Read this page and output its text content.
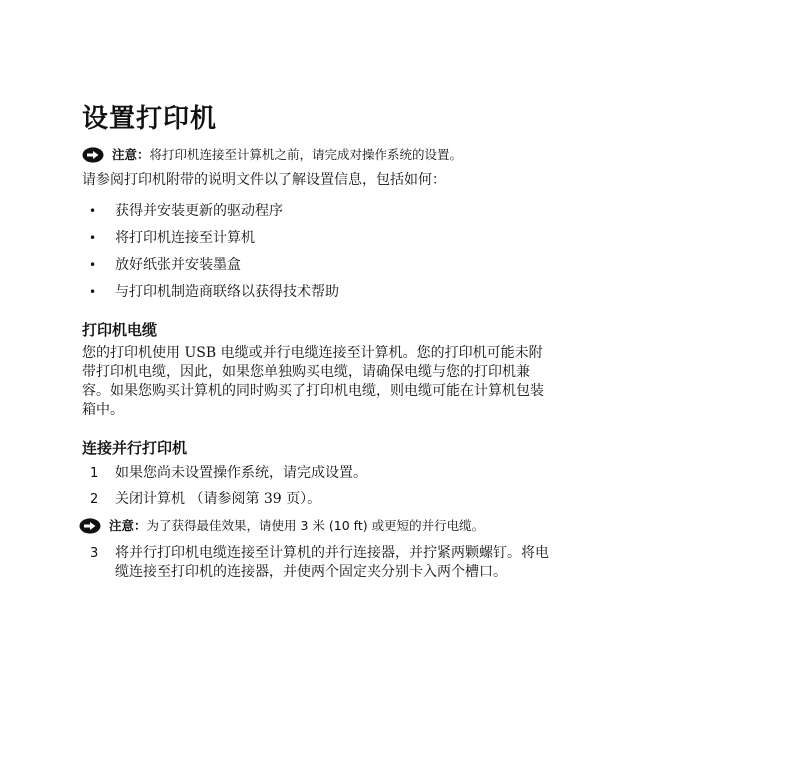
设置打印机
注意： 将打印机连接至计算机之前，请完成对操作系统的设置。

请参阅打印机附带的说明文件以了解设置信息，包括如何：

• 获得并安装更新的驱动程序
• 将打印机连接至计算机
• 放好纸张并安装墨盒
• 与打印机制造商联络以获得技术帮助
打印机电缆

您的打印机使用 USB 电缆或并行电缆连接至计算机。您的打印机可能未附带打印机电缆，因此，如果您单独购买电缆，请确保电缆与您的打印机兼容。如果您购买计算机的同时购买了打印机电缆，则电缆可能在计算机包装箱中。

连接并行打印机
1	如果您尚未设置操作系统，请完成设置。
2	关闭计算机 （请参阅第 39 页）。
注意： 为了获得最佳效果，请使用 3 米 (10 ft) 或更短的并行电缆。
3	将并行打印机电缆连接至计算机的并行连接器，并拧紧两颗螺钉。将电缆连接至打印机的连接器，并使两个固定夹分别卡入两个槽口。
